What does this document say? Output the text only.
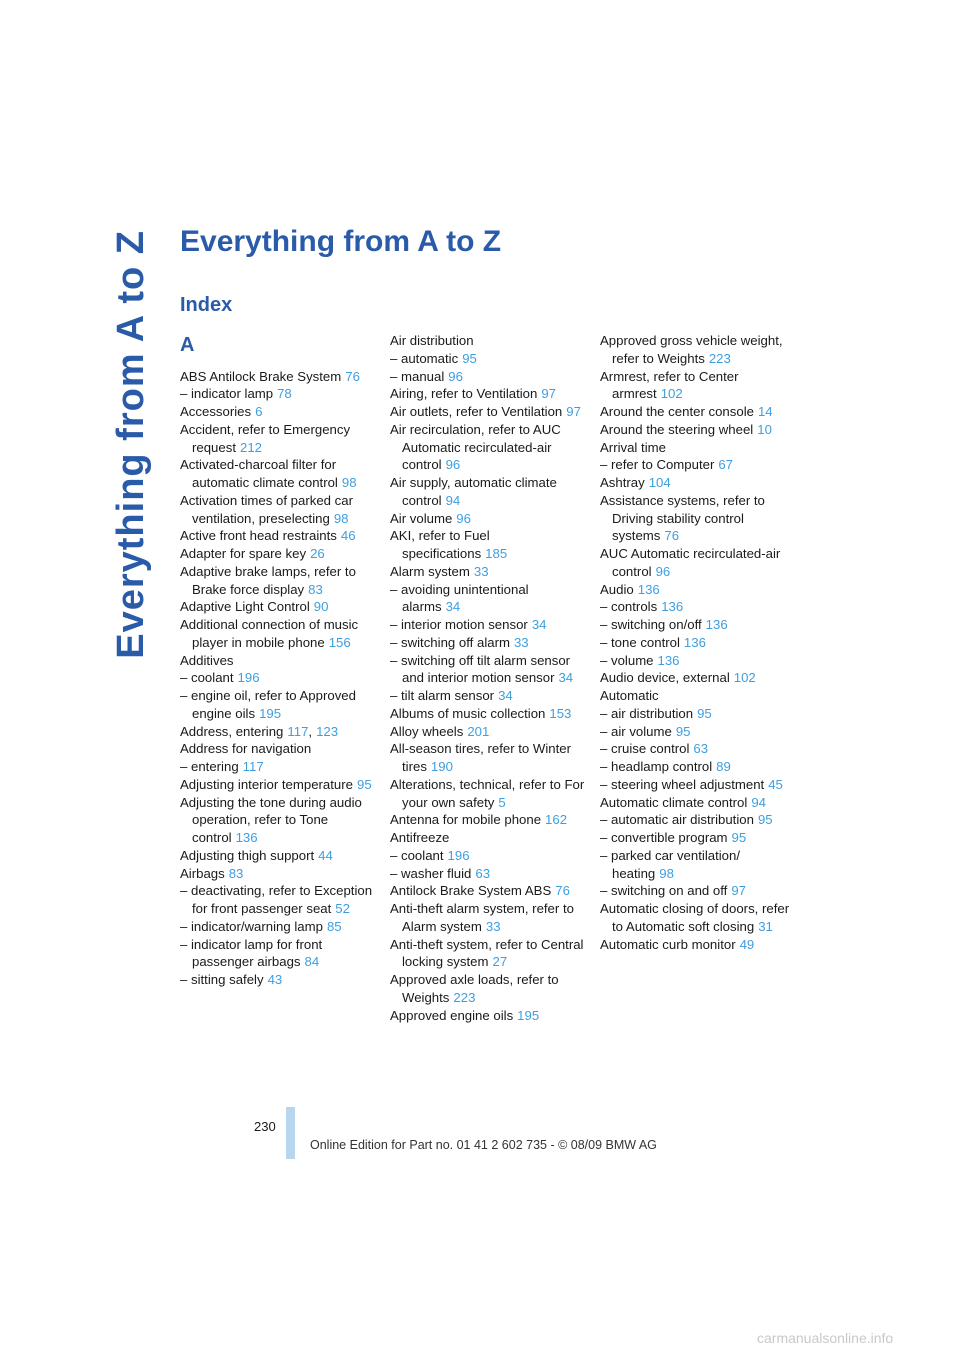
Everything from A to Z Everything from A to Z
Index
A
ABS Antilock Brake System 76
– indicator lamp 78
Accessories 6
Accident, refer to Emergency request 212
Activated-charcoal filter for automatic climate control 98
Activation times of parked car ventilation, preselecting 98
Active front head restraints 46
Adapter for spare key 26
Adaptive brake lamps, refer to Brake force display 83
Adaptive Light Control 90
Additional connection of music player in mobile phone 156
Additives
– coolant 196
– engine oil, refer to Approved engine oils 195
Address, entering 117, 123
Address for navigation
– entering 117
Adjusting interior temperature 95
Adjusting the tone during audio operation, refer to Tone control 136
Adjusting thigh support 44
Airbags 83
– deactivating, refer to Exception for front passenger seat 52
– indicator/warning lamp 85
– indicator lamp for front passenger airbags 84
– sitting safely 43
Air distribution
– automatic 95
– manual 96
Airing, refer to Ventilation 97
Air outlets, refer to Ventilation 97
Air recirculation, refer to AUC Automatic recirculated-air control 96
Air supply, automatic climate control 94
Air volume 96
AKI, refer to Fuel specifications 185
Alarm system 33
– avoiding unintentional alarms 34
– interior motion sensor 34
– switching off alarm 33
– switching off tilt alarm sensor and interior motion sensor 34
– tilt alarm sensor 34
Albums of music collection 153
Alloy wheels 201
All-season tires, refer to Winter tires 190
Alterations, technical, refer to For your own safety 5
Antenna for mobile phone 162
Antifreeze
– coolant 196
– washer fluid 63
Antilock Brake System ABS 76
Anti-theft alarm system, refer to Alarm system 33
Anti-theft system, refer to Central locking system 27
Approved axle loads, refer to Weights 223
Approved engine oils 195
Approved gross vehicle weight, refer to Weights 223
Armrest, refer to Center armrest 102
Around the center console 14
Around the steering wheel 10
Arrival time
– refer to Computer 67
Ashtray 104
Assistance systems, refer to Driving stability control systems 76
AUC Automatic recirculated-air control 96
Audio 136
– controls 136
– switching on/off 136
– tone control 136
– volume 136
Audio device, external 102
Automatic
– air distribution 95
– air volume 95
– cruise control 63
– headlamp control 89
– steering wheel adjustment 45
Automatic climate control 94
– automatic air distribution 95
– convertible program 95
– parked car ventilation/ heating 98
– switching on and off 97
Automatic closing of doors, refer to Automatic soft closing 31
Automatic curb monitor 49
230
Online Edition for Part no. 01 41 2 602 735 - © 08/09 BMW AG
carmanualsonline.info
